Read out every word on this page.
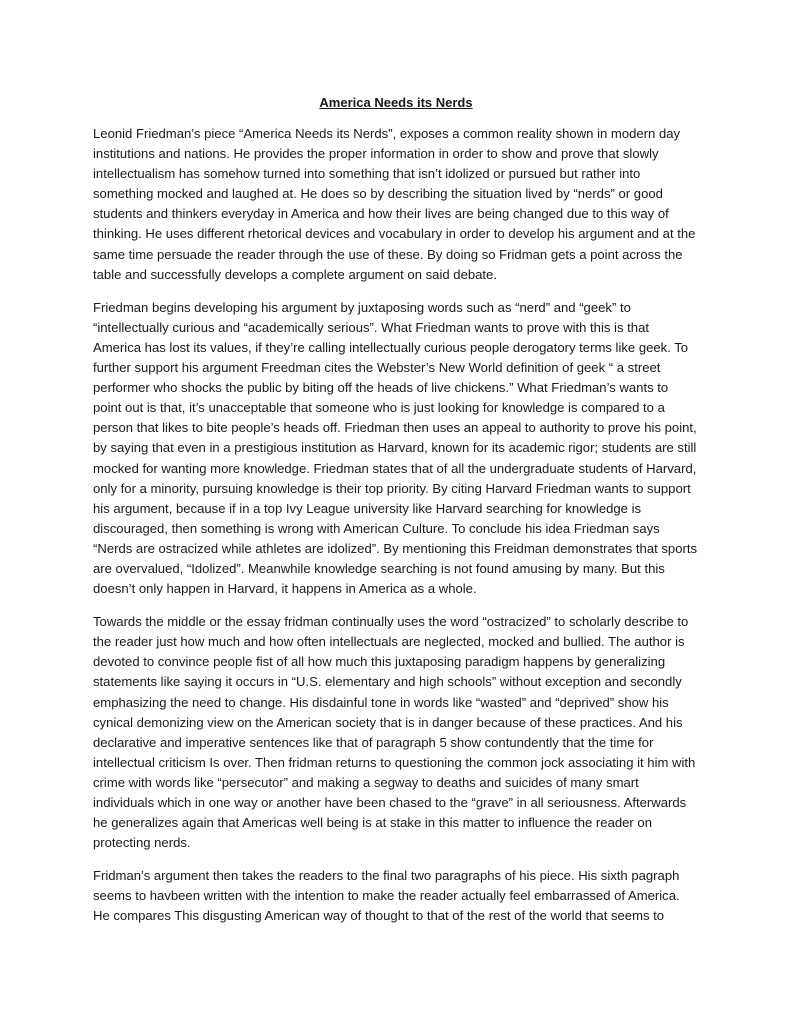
America Needs its Nerds

Leonid Friedman’s piece “America Needs its Nerds”, exposes a common reality shown in modern day institutions and nations. He provides the proper information in order to show and prove that slowly intellectualism has somehow turned into something that isn’t idolized or pursued but rather into something mocked and laughed at. He does so by describing the situation lived by “nerds” or good students and thinkers everyday in America and how their lives are being changed due to this way of thinking. He uses different rhetorical devices and vocabulary in order to develop his argument and at the same time persuade the reader through the use of these. By doing so Fridman gets a point across the table and successfully develops a complete argument on said debate.

Friedman begins developing his argument by juxtaposing words such as “nerd” and “geek” to “intellectually curious and “academically serious”. What Friedman wants to prove with this is that America has lost its values, if they’re calling intellectually curious people derogatory terms like geek. To further support his argument Freedman cites the Webster’s New World definition of geek “ a street performer who shocks the public by biting off the heads of live chickens.” What Friedman’s wants to point out is that, it’s unacceptable that someone who is just looking for knowledge is compared to a person that likes to bite people’s heads off. Friedman then uses an appeal to authority to prove his point, by saying that even in a prestigious institution as Harvard, known for its academic rigor; students are still mocked for wanting more knowledge. Friedman states that of all the undergraduate students of Harvard, only for a minority, pursuing knowledge is their top priority. By citing Harvard Friedman wants to support his argument, because if in a top Ivy League university like Harvard searching for knowledge is discouraged, then something is wrong with American Culture. To conclude his idea Friedman says “Nerds are ostracized while athletes are idolized”. By mentioning this Freidman demonstrates that sports are overvalued, “Idolized”. Meanwhile knowledge searching is not found amusing by many. But this doesn’t only happen in Harvard, it happens in America as a whole.

Towards the middle or the essay fridman continually uses the word “ostracized” to scholarly describe to the reader just how much and how often intellectuals are neglected, mocked and bullied. The author is devoted to convince people fist of all how much this juxtaposing paradigm happens by generalizing statements like saying it occurs in “U.S. elementary and high schools” without exception and secondly emphasizing the need to change. His disdainful tone in words like “wasted” and “deprived” show his cynical demonizing view on the American society that is in danger because of these practices. And his declarative and imperative sentences like that of paragraph 5 show contundently that the time for intellectual criticism Is over. Then fridman returns to questioning the common jock associating it him with crime with words like “persecutor” and making a segway to deaths and suicides of many smart individuals which in one way or another have been chased to the “grave” in all seriousness. Afterwards he generalizes again that Americas well being is at stake in this matter to influence the reader on protecting nerds.

Fridman’s argument then takes the readers to the final two paragraphs of his piece. His sixth pagraph seems to havbeen written with the intention to make the reader actually feel embarrassed of America. He compares This disgusting American way of thought to that of the rest of the world that seems to
